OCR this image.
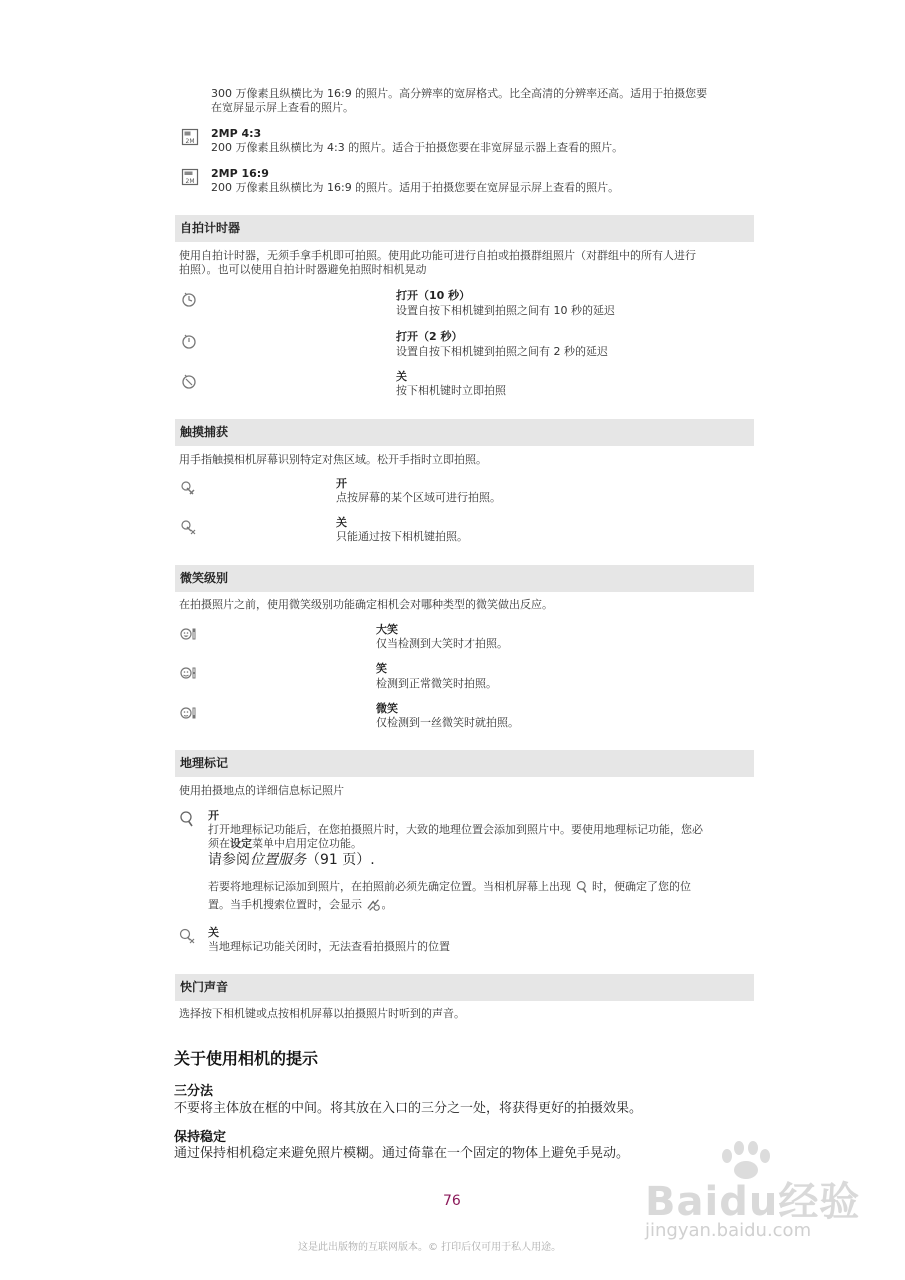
300 万像素且纵横比为 16:9 的照片。高分辨率的宽屏格式。比全高清的分辨率还高。适用于拍摄您要
在宽屏显示屏上查看的照片。
2M
2MP 4:3
200 万像素且纵横比为 4:3 的照片。适合于拍摄您要在非宽屏显示器上查看的照片。
2M
2MP 16:9
200 万像素且纵横比为 16:9 的照片。适用于拍摄您要在宽屏显示屏上查看的照片。
自拍计时器
使用自拍计时器，无须手拿手机即可拍照。使用此功能可进行自拍或拍摄群组照片（对群组中的所有人进行
拍照）。也可以使用自拍计时器避免拍照时相机晃动
打开（10 秒）
设置自按下相机键到拍照之间有 10 秒的延迟
打开（2 秒）
设置自按下相机键到拍照之间有 2 秒的延迟
关
按下相机键时立即拍照
触摸捕获
用手指触摸相机屏幕识别特定对焦区域。松开手指时立即拍照。
开
点按屏幕的某个区域可进行拍照。
关
只能通过按下相机键拍照。
微笑级别
在拍摄照片之前，使用微笑级别功能确定相机会对哪种类型的微笑做出反应。
大笑
仅当检测到大笑时才拍照。
笑
检测到正常微笑时拍照。
微笑
仅检测到一丝微笑时就拍照。
地理标记
使用拍摄地点的详细信息标记照片
开
打开地理标记功能后，在您拍摄照片时，大致的地理位置会添加到照片中。要使用地理标记功能，您必
须在设定菜单中启用定位功能。
请参阅位置服务（91 页）.
若要将地理标记添加到照片，在拍照前必须先确定位置。当相机屏幕上出现 时，便确定了您的位
置。当手机搜索位置时，会显示 。
关
当地理标记功能关闭时，无法查看拍摄照片的位置
快门声音
选择按下相机键或点按相机屏幕以拍摄照片时听到的声音。
关于使用相机的提示
三分法
不要将主体放在框的中间。将其放在入口的三分之一处，将获得更好的拍摄效果。
保持稳定
通过保持相机稳定来避免照片模糊。通过倚靠在一个固定的物体上避免手晃动。
76
这是此出版物的互联网版本。© 打印后仅可用于私人用途。
Baidu经验
jingyan.baidu.com
